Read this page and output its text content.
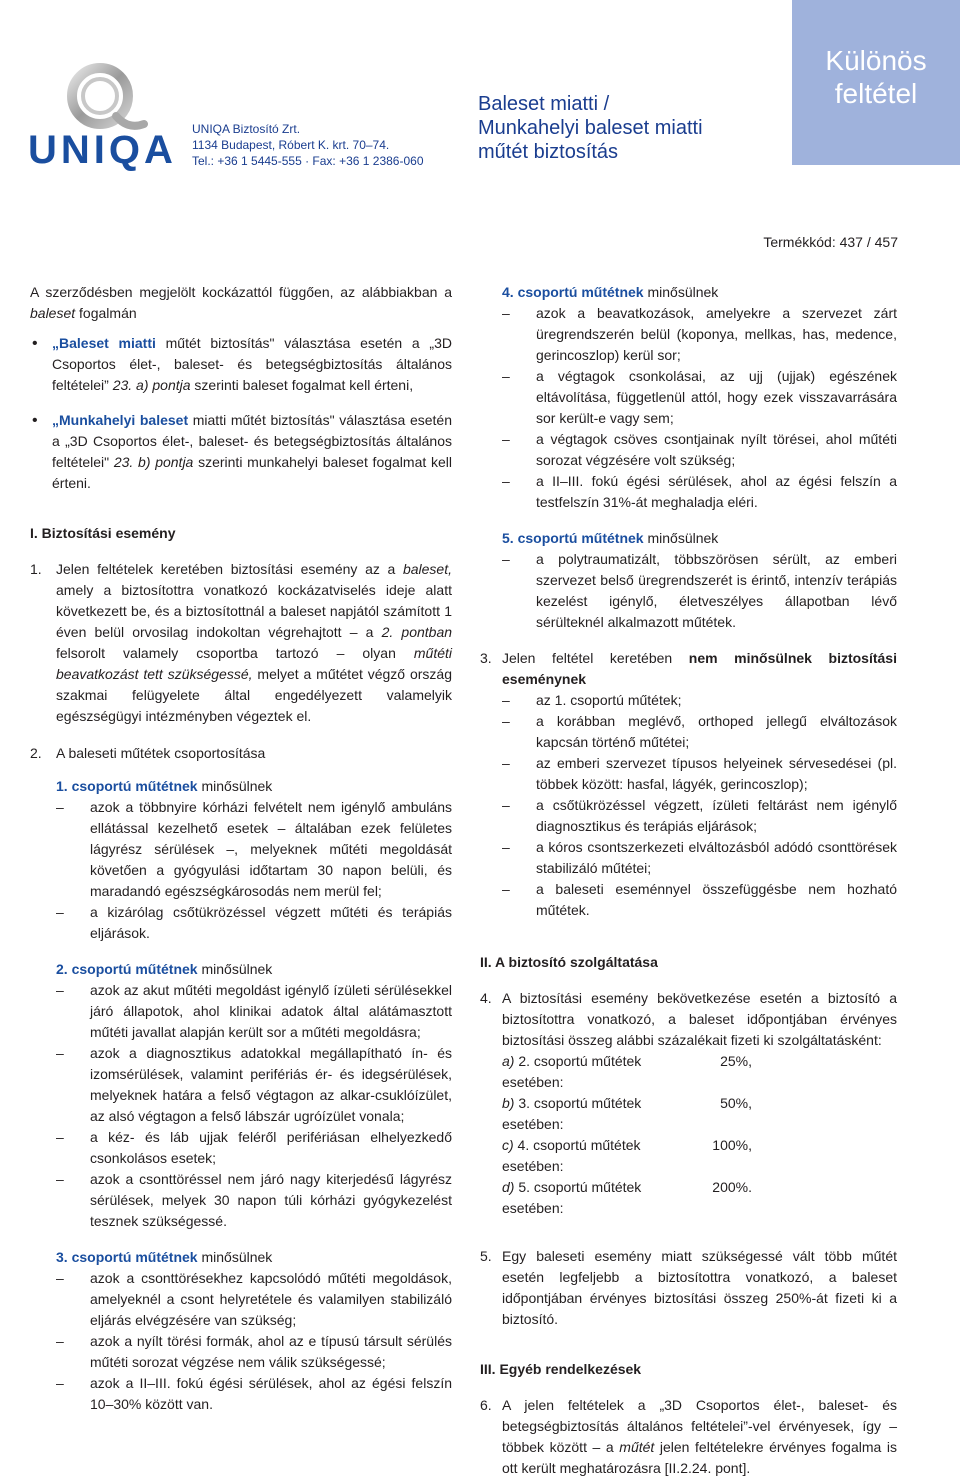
UNIQA UNIQA Biztosító Zrt.
1134 Budapest, Róbert K. krt. 70–74.
Tel.: +36 1 5445-555 · Fax: +36 1 2386-060
Baleset miatti /
Munkahelyi baleset miatti
műtét biztosítás
Különös
feltétel
Termékkód: 437 / 457

A szerződésben megjelölt kockázattól függően, az alábbiakban a baleset fogalmán

• „Baleset miatti műtét biztosítás" választása esetén a „3D Csoportos élet-, baleset- és betegségbiztosítás általános feltételei” 23. a) pontja szerinti baleset fogalmat kell érteni,

• „Munkahelyi baleset miatti műtét biztosítás" választása esetén a „3D Csoportos élet-, baleset- és betegségbiztosítás általános feltételei" 23. b) pontja szerinti munkahelyi baleset fogalmat kell érteni.

I. Biztosítási esemény

1. Jelen feltételek keretében biztosítási esemény az a baleset, amely a biztosítottra vonatkozó kockázatviselés ideje alatt következett be, és a biztosítottnál a baleset napjától számított 1 éven belül orvosilag indokoltan végrehajtott – a 2. pontban felsorolt valamely csoportba tartozó – olyan műtéti beavatkozást tett szükségessé, melyet a műtétet végző ország szakmai felügyelete által engedélyezett valamelyik egészségügyi intézményben végeztek el.

2. A baleseti műtétek csoportosítása

1. csoportú műtétnek minősülnek

– azok a többnyire kórházi felvételt nem igénylő ambuláns ellátással kezelhető esetek – általában ezek felületes lágyrész sérülések –, melyeknek műtéti megoldását követően a gyógyulási időtartam 30 napon belüli, és maradandó egészségkárosodás nem merül fel;

– a kizárólag csőtükrözéssel végzett műtéti és terápiás eljárások.

2. csoportú műtétnek minősülnek

– azok az akut műtéti megoldást igénylő ízületi sérülésekkel járó állapotok, ahol klinikai adatok által alátámasztott műtéti javallat alapján került sor a műtéti megoldásra;

– azok a diagnosztikus adatokkal megállapítható ín- és izomsérülések, valamint perifériás ér- és idegsérülések, melyeknek határa a felső végtagon az alkar-csuklóízület, az alsó végtagon a felső lábszár ugróízület vonala;

– a kéz- és láb ujjak feléről perifériásan elhelyezkedő csonkolásos esetek;

– azok a csonttöréssel nem járó nagy kiterjedésű lágyrész sérülések, melyek 30 napon túli kórházi gyógykezelést tesznek szükségessé.

3. csoportú műtétnek minősülnek

– azok a csonttörésekhez kapcsolódó műtéti megoldások, amelyeknél a csont helyretétele és valamilyen stabilizáló eljárás elvégzésére van szükség;

– azok a nyílt törési formák, ahol az e típusú társult sérülés műtéti sorozat végzése nem válik szükségessé;

– azok a II–III. fokú égési sérülések, ahol az égési felszín 10–30% között van.

4. csoportú műtétnek minősülnek

– azok a beavatkozások, amelyekre a szervezet zárt üregrendszerén belül (koponya, mellkas, has, medence, gerincoszlop) kerül sor;

– a végtagok csonkolásai, az ujj (ujjak) egészének eltávolítása, függetlenül attól, hogy ezek visszavarrására sor került-e vagy sem;

– a végtagok csöves csontjainak nyílt törései, ahol műtéti sorozat végzésére volt szükség;

– a II–III. fokú égési sérülések, ahol az égési felszín a testfelszín 31%-át meghaladja eléri.

5. csoportú műtétnek minősülnek

– a polytraumatizált, többszörösen sérült, az emberi szervezet belső üregrendszerét is érintő, intenzív terápiás kezelést igénylő, életveszélyes állapotban lévő sérülteknél alkalmazott műtétek.

3. Jelen feltétel keretében nem minősülnek biztosítási eseménynek

– az 1. csoportú műtétek;

– a korábban meglévő, orthoped jellegű elváltozások kapcsán történő műtétei;

– az emberi szervezet típusos helyeinek sérvesedései (pl. többek között: hasfal, lágyék, gerincoszlop);

– a csőtükrözéssel végzett, ízületi feltárást nem igénylő diagnosztikus és terápiás eljárások;

– a kóros csontszerkezeti elváltozásból adódó csonttörések stabilizáló műtétei;

– a baleseti eseménnyel összefüggésbe nem hozható műtétek.

II. A biztosító szolgáltatása

4. A biztosítási esemény bekövetkezése esetén a biztosító a biztosítottra vonatkozó, a baleset időpontjában érvényes biztosítási összeg alábbi százalékait fizeti ki szolgáltatásként:

a) 2. csoportú műtétek esetében:
25%,
b) 3. csoportú műtétek esetében:
50%,
c) 4. csoportú műtétek esetében:
100%,
d) 5. csoportú műtétek esetében:
200%.

5. Egy baleseti esemény miatt szükségessé vált több műtét esetén legfeljebb a biztosítottra vonatkozó, a baleset időpontjában érvényes biztosítási összeg 250%-át fizeti ki a biztosító.

III. Egyéb rendelkezések

6. A jelen feltételek a „3D Csoportos élet-, baleset- és betegségbiztosítás általános feltételei”-vel érvényesek, így – többek között – a műtét jelen feltételekre érvényes fogalma is ott került meghatározásra [II.2.24. pont].
